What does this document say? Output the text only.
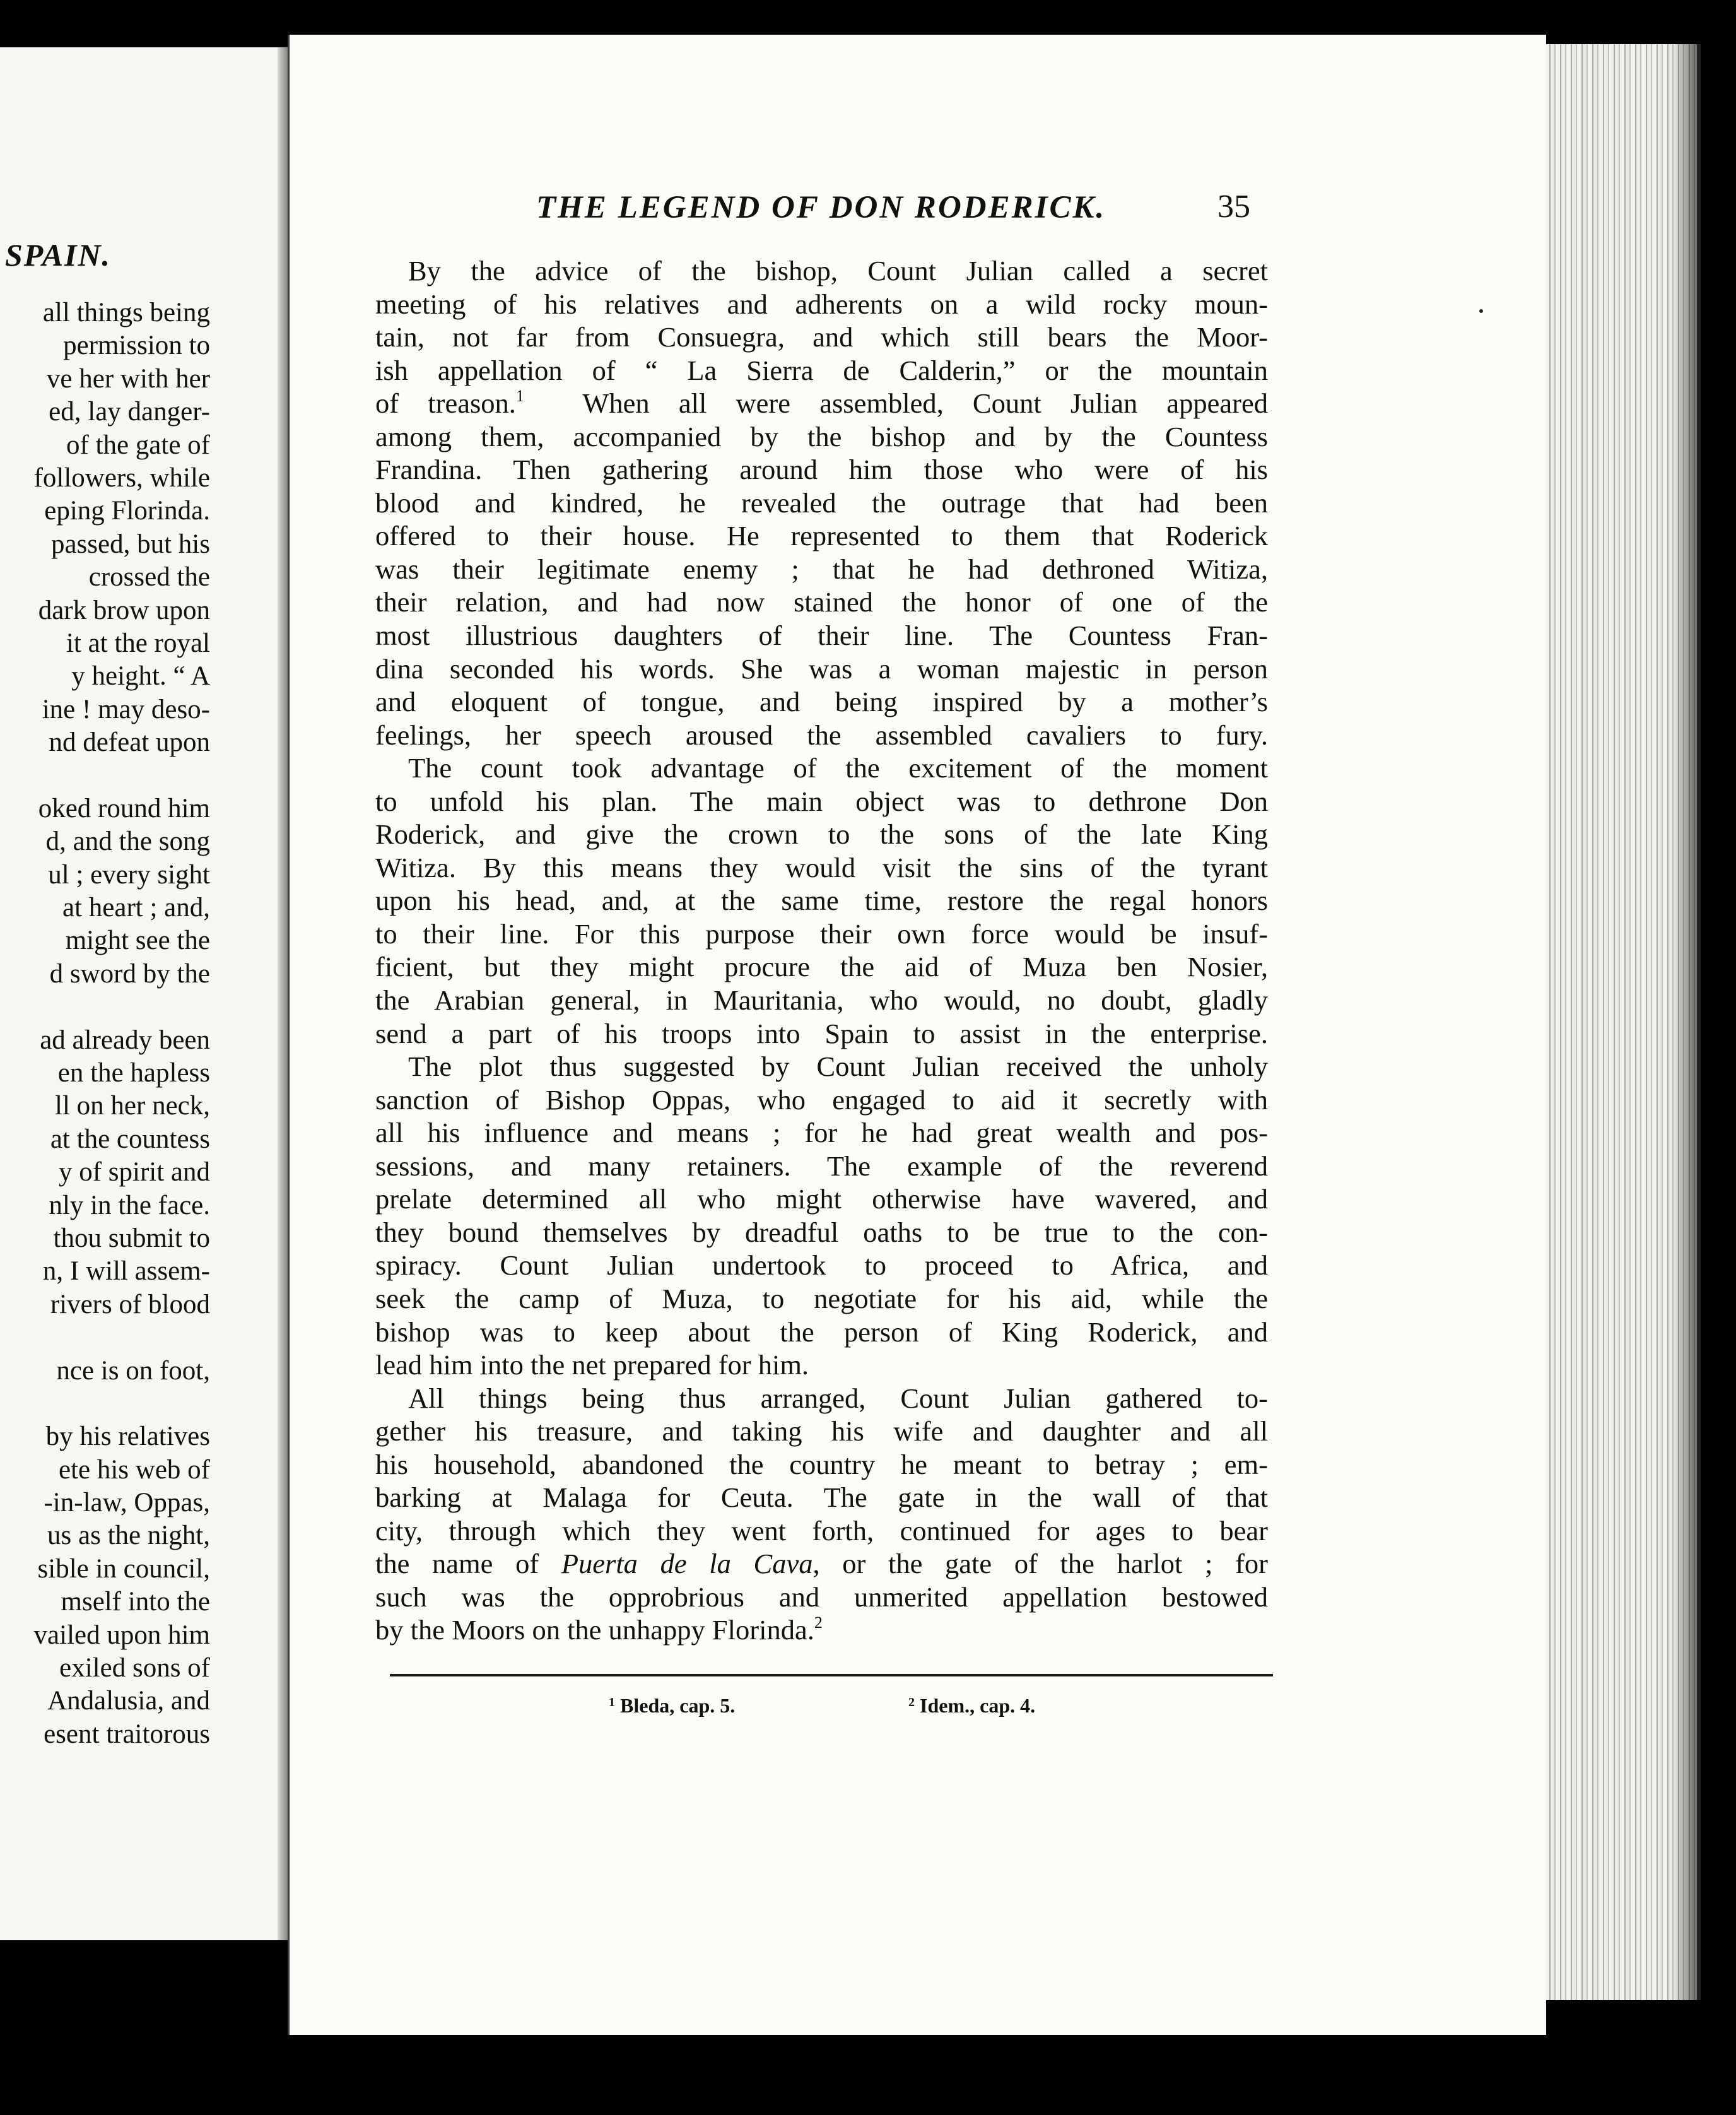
SPAIN.
all things being
permission to
ve her with her
ed, lay danger-
of the gate of
followers, while
eping Florinda.
passed, but his
crossed the
dark brow upon
it at the royal
y height. “ A
ine ! may deso-
nd defeat upon
oked round him
d, and the song
ul ; every sight
at heart ; and,
might see the
d sword by the
ad already been
en the hapless
ll on her neck,
at the countess
y of spirit and
nly in the face.
thou submit to
n, I will assem-
rivers of blood
nce is on foot,
by his relatives
ete his web of
-in-law, Oppas,
us as the night,
sible in council,
mself into the
vailed upon him
exiled sons of
Andalusia, and
esent traitorous
THE LEGEND OF DON RODERICK.	35
By the advice of the bishop, Count Julian called a secret
meeting of his relatives and adherents on a wild rocky moun-
tain, not far from Consuegra, and which still bears the Moor-
ish appellation of “ La Sierra de Calderin,” or the mountain
of treason.$^1$ When all were assembled, Count Julian appeared
among them, accompanied by the bishop and by the Countess
Frandina. Then gathering around him those who were of his
blood and kindred, he revealed the outrage that had been
offered to their house. He represented to them that Roderick
was their legitimate enemy ; that he had dethroned Witiza,
their relation, and had now stained the honor of one of the
most illustrious daughters of their line. The Countess Fran-
dina seconded his words. She was a woman majestic in person
and eloquent of tongue, and being inspired by a mother’s
feelings, her speech aroused the assembled cavaliers to fury.
The count took advantage of the excitement of the moment
to unfold his plan. The main object was to dethrone Don
Roderick, and give the crown to the sons of the late King
Witiza. By this means they would visit the sins of the tyrant
upon his head, and, at the same time, restore the regal honors
to their line. For this purpose their own force would be insuf-
ficient, but they might procure the aid of Muza ben Nosier,
the Arabian general, in Mauritania, who would, no doubt, gladly
send a part of his troops into Spain to assist in the enterprise.
The plot thus suggested by Count Julian received the unholy
sanction of Bishop Oppas, who engaged to aid it secretly with
all his influence and means ; for he had great wealth and pos-
sessions, and many retainers. The example of the reverend
prelate determined all who might otherwise have wavered, and
they bound themselves by dreadful oaths to be true to the con-
spiracy. Count Julian undertook to proceed to Africa, and
seek the camp of Muza, to negotiate for his aid, while the
bishop was to keep about the person of King Roderick, and
lead him into the net prepared for him.
All things being thus arranged, Count Julian gathered to-
gether his treasure, and taking his wife and daughter and all
his household, abandoned the country he meant to betray ; em-
barking at Malaga for Ceuta. The gate in the wall of that
city, through which they went forth, continued for ages to bear
the name of Puerta de la Cava, or the gate of the harlot ; for
such was the opprobrious and unmerited appellation bestowed
by the Moors on the unhappy Florinda.$^2$
$^1$ Bleda, cap. 5.	$^2$ Idem., cap. 4.
